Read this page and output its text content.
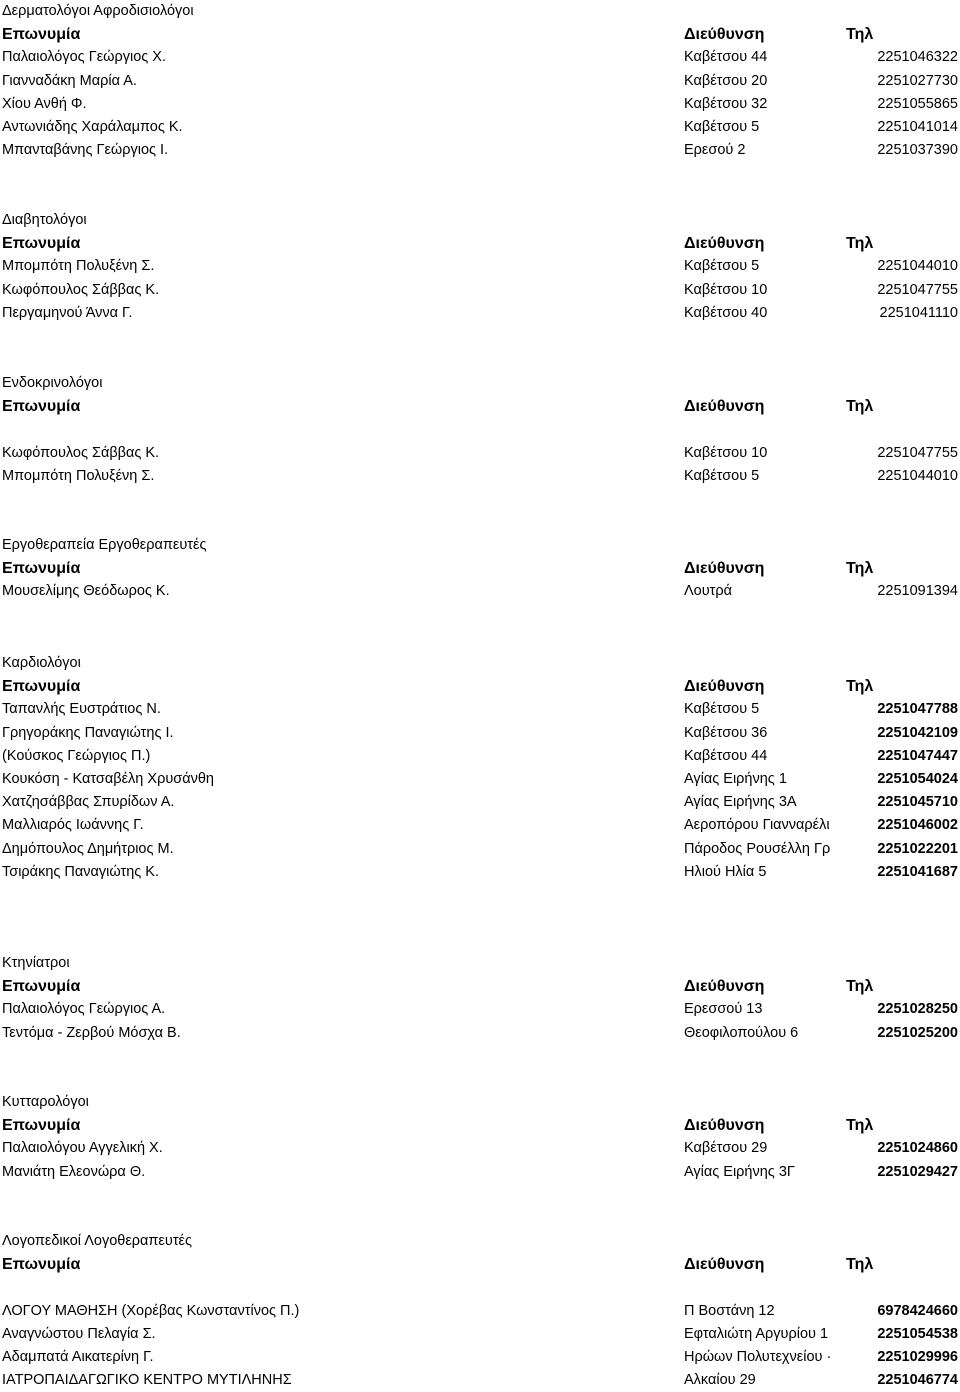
Δερματολόγοι Αφροδισιολόγοι
Επωνυμία	Διεύθυνση	Τηλ
Παλαιολόγος Γεώργιος Χ.	Καβέτσου 44	2251046322
Γιανναδάκη Μαρία Α.	Καβέτσου 20	2251027730
Χίου Ανθή Φ.	Καβέτσου 32	2251055865
Αντωνιάδης Χαράλαμπος Κ.	Καβέτσου 5	2251041014
Μπανταβάνης Γεώργιος Ι.	Ερεσού 2	2251037390
Διαβητολόγοι
Επωνυμία	Διεύθυνση	Τηλ
Μπομπότη Πολυξένη Σ.	Καβέτσου 5	2251044010
Κωφόπουλος Σάββας Κ.	Καβέτσου 10	2251047755
Περγαμηνού Άννα Γ.	Καβέτσου 40	2251041110
Ενδοκρινολόγοι
Επωνυμία	Διεύθυνση	Τηλ
Κωφόπουλος Σάββας Κ.	Καβέτσου 10	2251047755
Μπομπότη Πολυξένη Σ.	Καβέτσου 5	2251044010
Εργοθεραπεία Εργοθεραπευτές
Επωνυμία	Διεύθυνση	Τηλ
Μουσελίμης Θεόδωρος Κ.	Λουτρά	2251091394
Καρδιολόγοι
Επωνυμία	Διεύθυνση	Τηλ
Ταπανλής Ευστράτιος Ν.	Καβέτσου 5	2251047788
Γρηγοράκης Παναγιώτης Ι.	Καβέτσου 36	2251042109
(Κούσκος Γεώργιος Π.)	Καβέτσου 44	2251047447
Κουκόση - Κατσαβέλη Χρυσάνθη	Αγίας Ειρήνης 1	2251054024
Χατζησάββας Σπυρίδων Α.	Αγίας Ειρήνης 3Α	2251045710
Μαλλιαρός Ιωάννης Γ.	Αεροπόρου Γιανναρέλι	2251046002
Δημόπουλος Δημήτριος Μ.	Πάροδος Ρουσέλλη Γρ	2251022201
Τσιράκης Παναγιώτης Κ.	Ηλιού Ηλία 5	2251041687
Κτηνίατροι
Επωνυμία	Διεύθυνση	Τηλ
Παλαιολόγος Γεώργιος Α.	Ερεσσού 13	2251028250
Τεντόμα - Ζερβού Μόσχα Β.	Θεοφιλοπούλου 6	2251025200
Κυτταρολόγοι
Επωνυμία	Διεύθυνση	Τηλ
Παλαιολόγου Αγγελική Χ.	Καβέτσου 29	2251024860
Μανιάτη Ελεονώρα Θ.	Αγίας Ειρήνης 3Γ	2251029427
Λογοπεδικοί Λογοθεραπευτές
Επωνυμία	Διεύθυνση	Τηλ
ΛΟΓΟΥ ΜΑΘΗΣΗ (Χορέβας Κωνσταντίνος Π.)	Π Βοστάνη 12	6978424660
Αναγνώστου Πελαγία Σ.	Εφταλιώτη Αργυρίου 1	2251054538
Αδαμπατά Αικατερίνη Γ.	Ηρώων Πολυτεχνείου ·	2251029996
ΙΑΤΡΟΠΑΙΔΑΓΩΓΙΚΟ ΚΕΝΤΡΟ ΜΥΤΙΛΗΝΗΣ	Αλκαίου 29	2251046774
